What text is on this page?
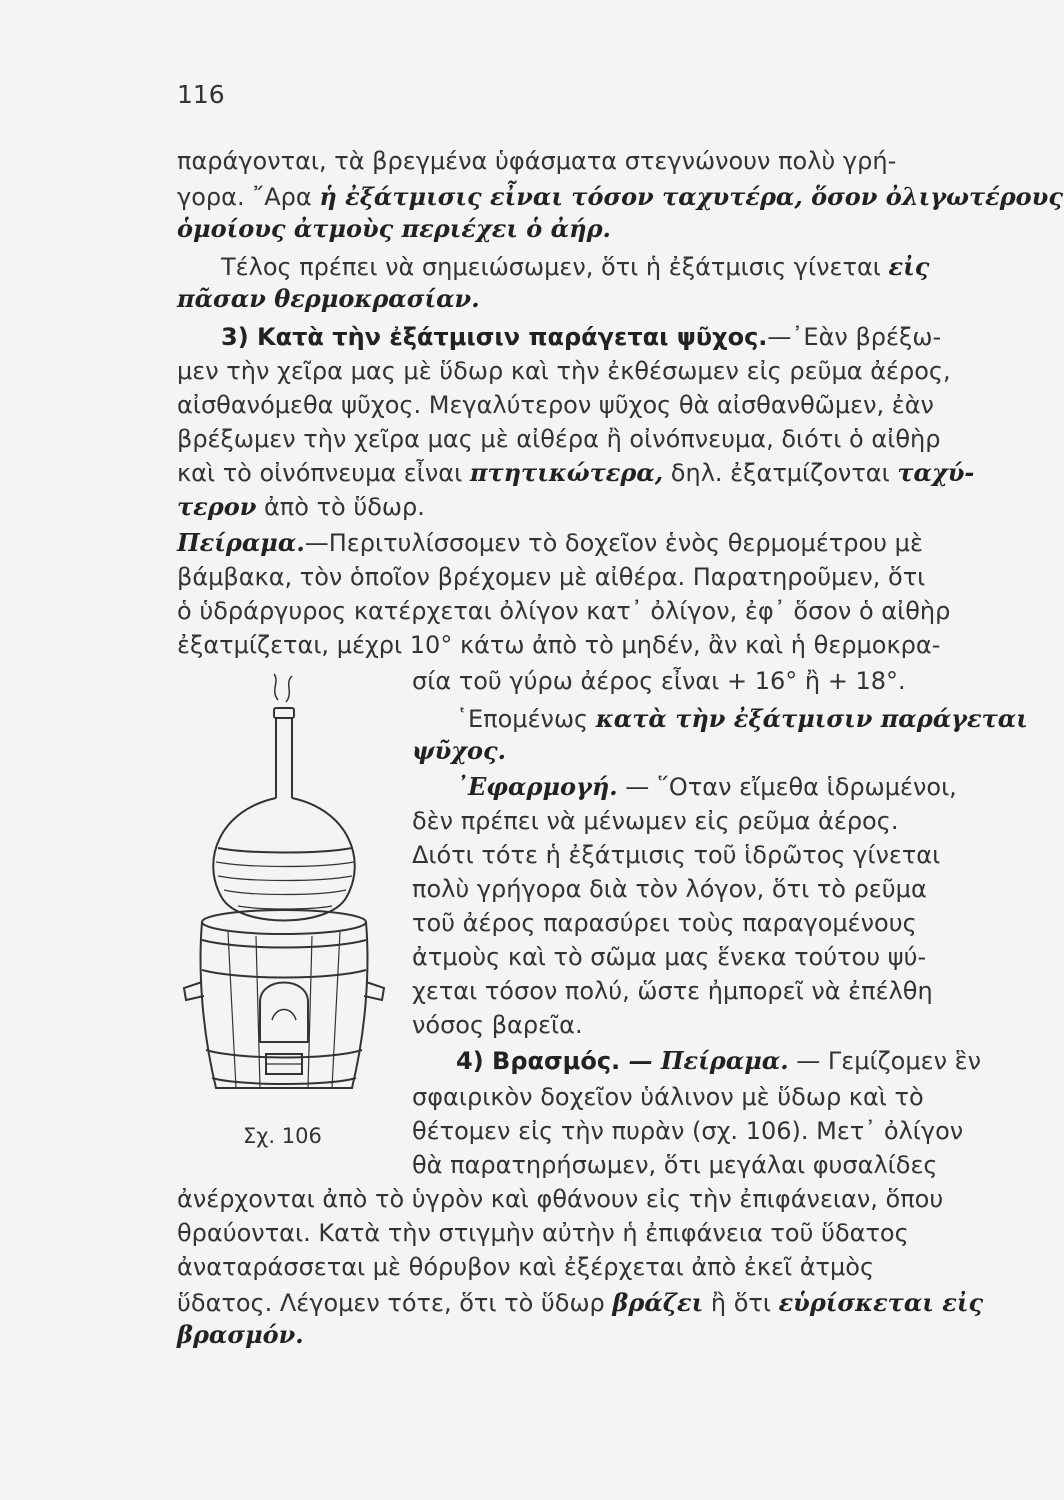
116
παράγονται, τὰ βρεγμένα ὑφάσματα στεγνώνουν πολὺ γρή-
γορα. ῎Αρα ἡ ἐξάτμισις εἶναι τόσον ταχυτέρα, ὅσον ὀλιγωτέρους
ὁμοίους ἀτμοὺς περιέχει ὁ ἀήρ.
Τέλος πρέπει νὰ σημειώσωμεν, ὅτι ἡ ἐξάτμισις γίνεται εἰς
πᾶσαν θερμοκρασίαν.
3) Κατὰ τὴν ἐξάτμισιν παράγεται ψῦχος.—᾿Εὰν βρέξω-
μεν τὴν χεῖρα μας μὲ ὕδωρ καὶ τὴν ἐκθέσωμεν εἰς ρεῦμα ἀέρος,
αἰσθανόμεθα ψῦχος. Μεγαλύτερον ψῦχος θὰ αἰσθανθῶμεν, ἐὰν
βρέξωμεν τὴν χεῖρα μας μὲ αἰθέρα ἢ οἰνόπνευμα, διότι ὁ αἰθὴρ
καὶ τὸ οἰνόπνευμα εἶναι πτητικώτερα, δηλ. ἐξατμίζονται ταχύ-
τερον ἀπὸ τὸ ὕδωρ.
Πείραμα.—Περιτυλίσσομεν τὸ δοχεῖον ἑνὸς θερμομέτρου μὲ
βάμβακα, τὸν ὁποῖον βρέχομεν μὲ αἰθέρα. Παρατηροῦμεν, ὅτι
ὁ ὑδράργυρος κατέρχεται ὀλίγον κατ᾿ ὀλίγον, ἐφ᾿ ὅσον ὁ αἰθὴρ
ἐξατμίζεται, μέχρι 10° κάτω ἀπὸ τὸ μηδέν, ἂν καὶ ἡ θερμοκρα-
σία τοῦ γύρω ἀέρος εἶναι + 16° ἢ + 18°.
῾Επομένως κατὰ τὴν ἐξάτμισιν παράγεται
ψῦχος.
᾿Εφαρμογή. — ῞Οταν εἴμεθα ἱδρωμένοι,
δὲν πρέπει νὰ μένωμεν εἰς ρεῦμα ἀέρος.
Διότι τότε ἡ ἐξάτμισις τοῦ ἱδρῶτος γίνεται
πολὺ γρήγορα διὰ τὸν λόγον, ὅτι τὸ ρεῦμα
τοῦ ἀέρος παρασύρει τοὺς παραγομένους
ἀτμοὺς καὶ τὸ σῶμα μας ἕνεκα τούτου ψύ-
χεται τόσον πολύ, ὥστε ἠμπορεῖ νὰ ἐπέλθη
νόσος βαρεῖα.
4) Βρασμός. — Πείραμα. — Γεμίζομεν ἓν
σφαιρικὸν δοχεῖον ὑάλινον μὲ ὕδωρ καὶ τὸ
θέτομεν εἰς τὴν πυρὰν (σχ. 106). Μετ᾿ ὀλίγον
θὰ παρατηρήσωμεν, ὅτι μεγάλαι φυσαλίδες
ἀνέρχονται ἀπὸ τὸ ὑγρὸν καὶ φθάνουν εἰς τὴν ἐπιφάνειαν, ὅπου
θραύονται. Κατὰ τὴν στιγμὴν αὐτὴν ἡ ἐπιφάνεια τοῦ ὕδατος
ἀναταράσσεται μὲ θόρυβον καὶ ἐξέρχεται ἀπὸ ἐκεῖ ἀτμὸς
ὕδατος. Λέγομεν τότε, ὅτι τὸ ὕδωρ βράζει ἢ ὅτι εὑρίσκεται εἰς
βρασμόν.
Σχ. 106
